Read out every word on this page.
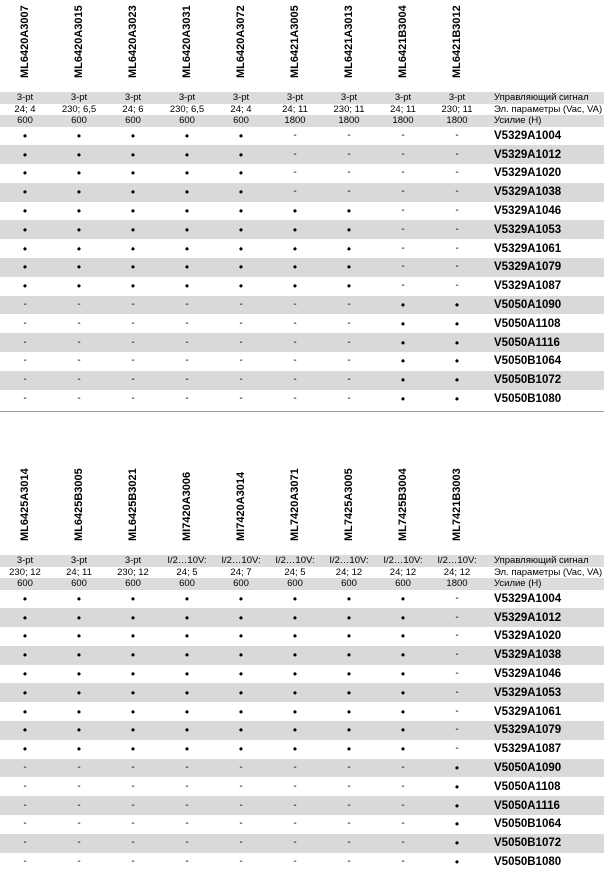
ML6420A3007	ML6420A3015	ML6420A3023	ML6420A3031	ML6420A3072	ML6421A3005	ML6421A3013	ML6421B3004	ML6421B3012
3-pt	3-pt	3-pt	3-pt	3-pt	3-pt	3-pt	3-pt	3-pt	Управляющий сигнал
24; 4	230; 6,5	24; 6	230; 6,5	24; 4	24; 11	230; 11	24; 11	230; 11	Эл. параметры (Vac, VA)
600	600	600	600	600	1800	1800	1800	1800	Усилие (Н)
•	•	•	•	•	-	-	-	-	V5329A1004
•	•	•	•	•	-	-	-	-	V5329A1012
•	•	•	•	•	-	-	-	-	V5329A1020
•	•	•	•	•	-	-	-	-	V5329A1038
•	•	•	•	•	•	•	-	-	V5329A1046
•	•	•	•	•	•	•	-	-	V5329A1053
•	•	•	•	•	•	•	-	-	V5329A1061
•	•	•	•	•	•	•	-	-	V5329A1079
•	•	•	•	•	•	•	-	-	V5329A1087
-	-	-	-	-	-	-	•	•	V5050A1090
-	-	-	-	-	-	-	•	•	V5050A1108
-	-	-	-	-	-	-	•	•	V5050A1116
-	-	-	-	-	-	-	•	•	V5050B1064
-	-	-	-	-	-	-	•	•	V5050B1072
-	-	-	-	-	-	-	•	•	V5050B1080
ML6425A3014	ML6425B3005	ML6425B3021	MI7420A3006	MI7420A3014	ML7420A3071	ML7425A3005	ML7425B3004	ML7421B3003
3-pt	3-pt	3-pt	I/2…10V:	I/2…10V:	I/2…10V:	I/2…10V:	I/2…10V:	I/2…10V:	Управляющий сигнал
230; 12	24; 11	230; 12	24; 5	24; 7	24; 5	24; 12	24; 12	24; 12	Эл. параметры (Vac, VA)
600	600	600	600	600	600	600	600	1800	Усилие (Н)
•	•	•	•	•	•	•	•	-	V5329A1004
•	•	•	•	•	•	•	•	-	V5329A1012
•	•	•	•	•	•	•	•	-	V5329A1020
•	•	•	•	•	•	•	•	-	V5329A1038
•	•	•	•	•	•	•	•	-	V5329A1046
•	•	•	•	•	•	•	•	-	V5329A1053
•	•	•	•	•	•	•	•	-	V5329A1061
•	•	•	•	•	•	•	•	-	V5329A1079
•	•	•	•	•	•	•	•	-	V5329A1087
-	-	-	-	-	-	-	-	•	V5050A1090
-	-	-	-	-	-	-	-	•	V5050A1108
-	-	-	-	-	-	-	-	•	V5050A1116
-	-	-	-	-	-	-	-	•	V5050B1064
-	-	-	-	-	-	-	-	•	V5050B1072
-	-	-	-	-	-	-	-	•	V5050B1080
